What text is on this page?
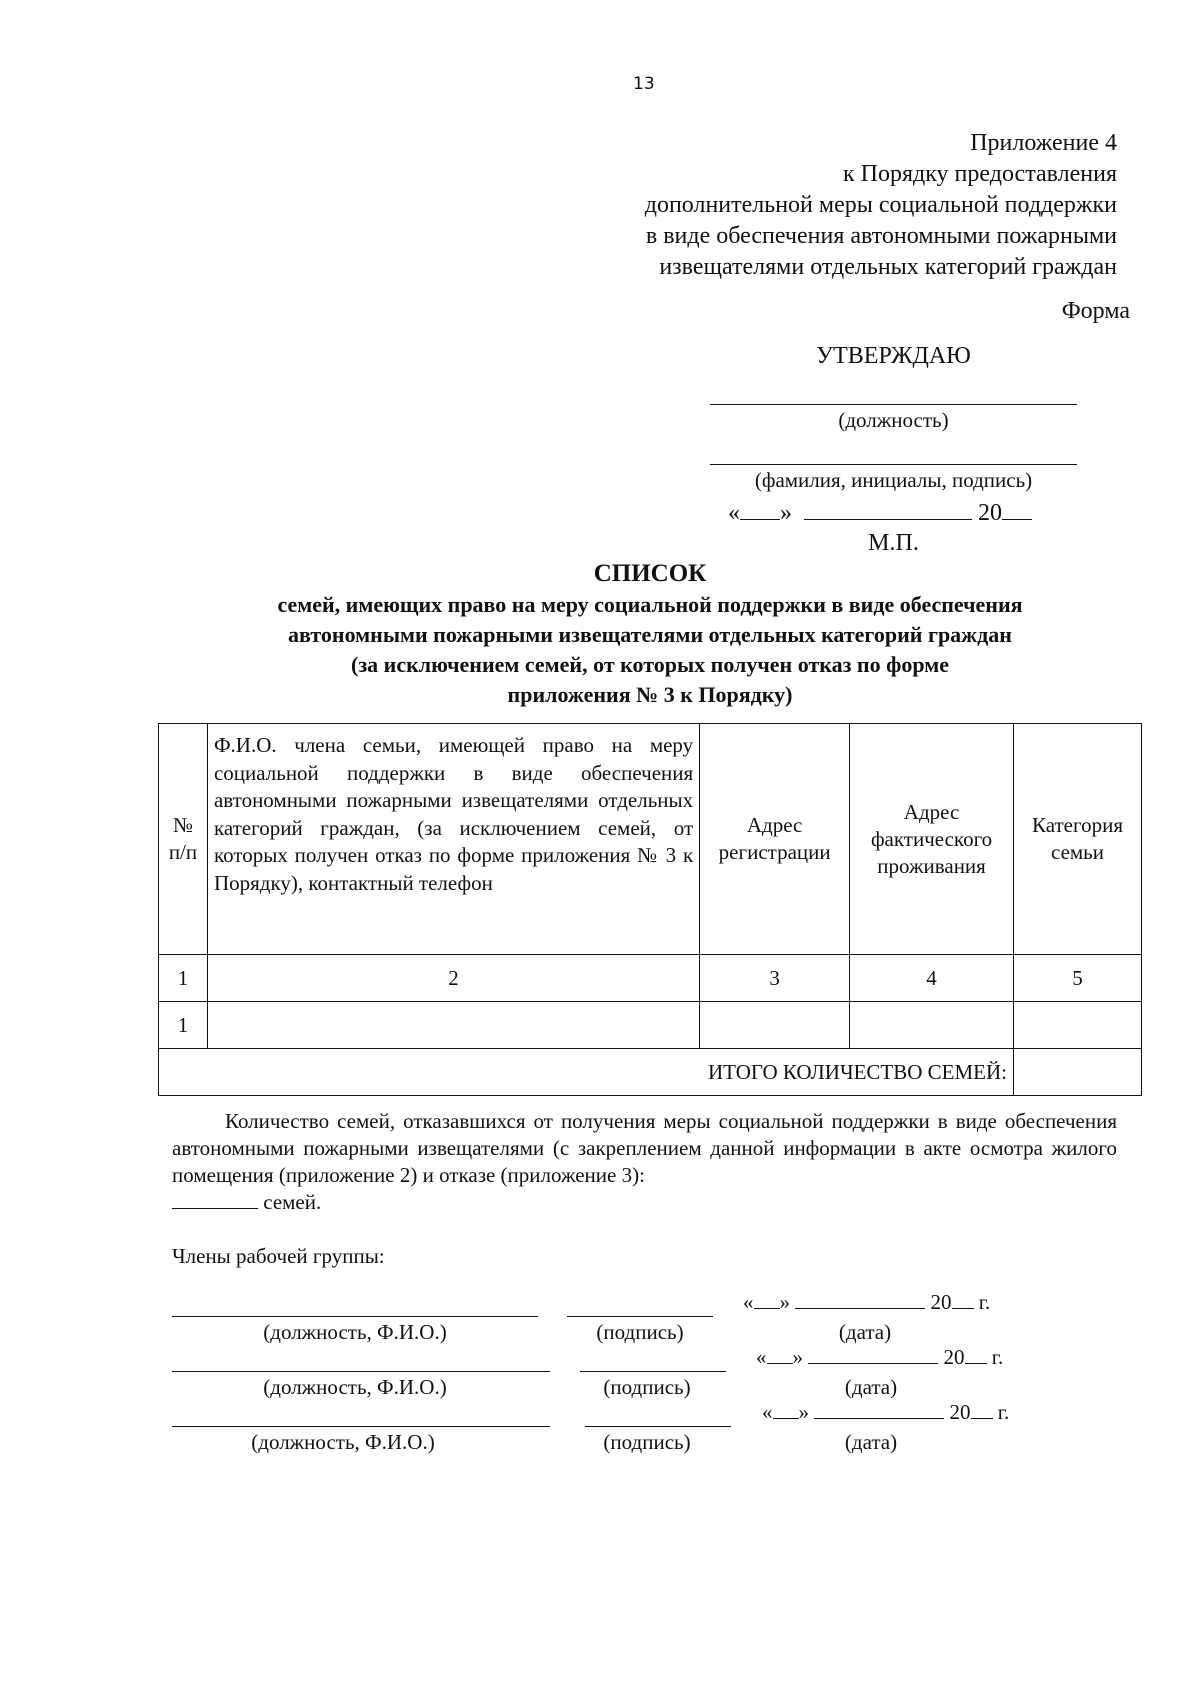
13
Приложение 4
к Порядку предоставления
дополнительной меры социальной поддержки
в виде обеспечения автономными пожарными
извещателями отдельных категорий граждан
Форма
УТВЕРЖДАЮ
(должность)
(фамилия, инициалы, подпись)
« »	20
М.П.
СПИСОК
семей, имеющих право на меру социальной поддержки в виде обеспечения
автономными пожарными извещателями отдельных категорий граждан
(за исключением семей, от которых получен отказ по форме
приложения № 3 к Порядку)
№
п/п	Ф.И.О. члена семьи, имеющей право на меру социальной поддержки в виде обеспечения автономными пожарными извещателями отдельных категорий граждан, (за исключением семей, от которых получен отказ по форме приложения № 3 к Порядку), контактный телефон	Адрес регистрации	Адрес фактического проживания	Категория семьи
1	2	3	4	5
1				
ИТОГО КОЛИЧЕСТВО СЕМЕЙ:				
Количество семей, отказавшихся от получения меры социальной поддержки в виде обеспечения автономными пожарными извещателями (с закреплением данной информации в акте осмотра жилого помещения (приложение 2) и отказе (приложение 3):
семей.
Члены рабочей группы:
(должность, Ф.И.О.)	(подпись)
« »	20 г.
(дата)
(должность, Ф.И.О.)	(подпись)
« »	20 г.
(дата)
(должность, Ф.И.О.)	(подпись)
« »	20 г.
(дата)
